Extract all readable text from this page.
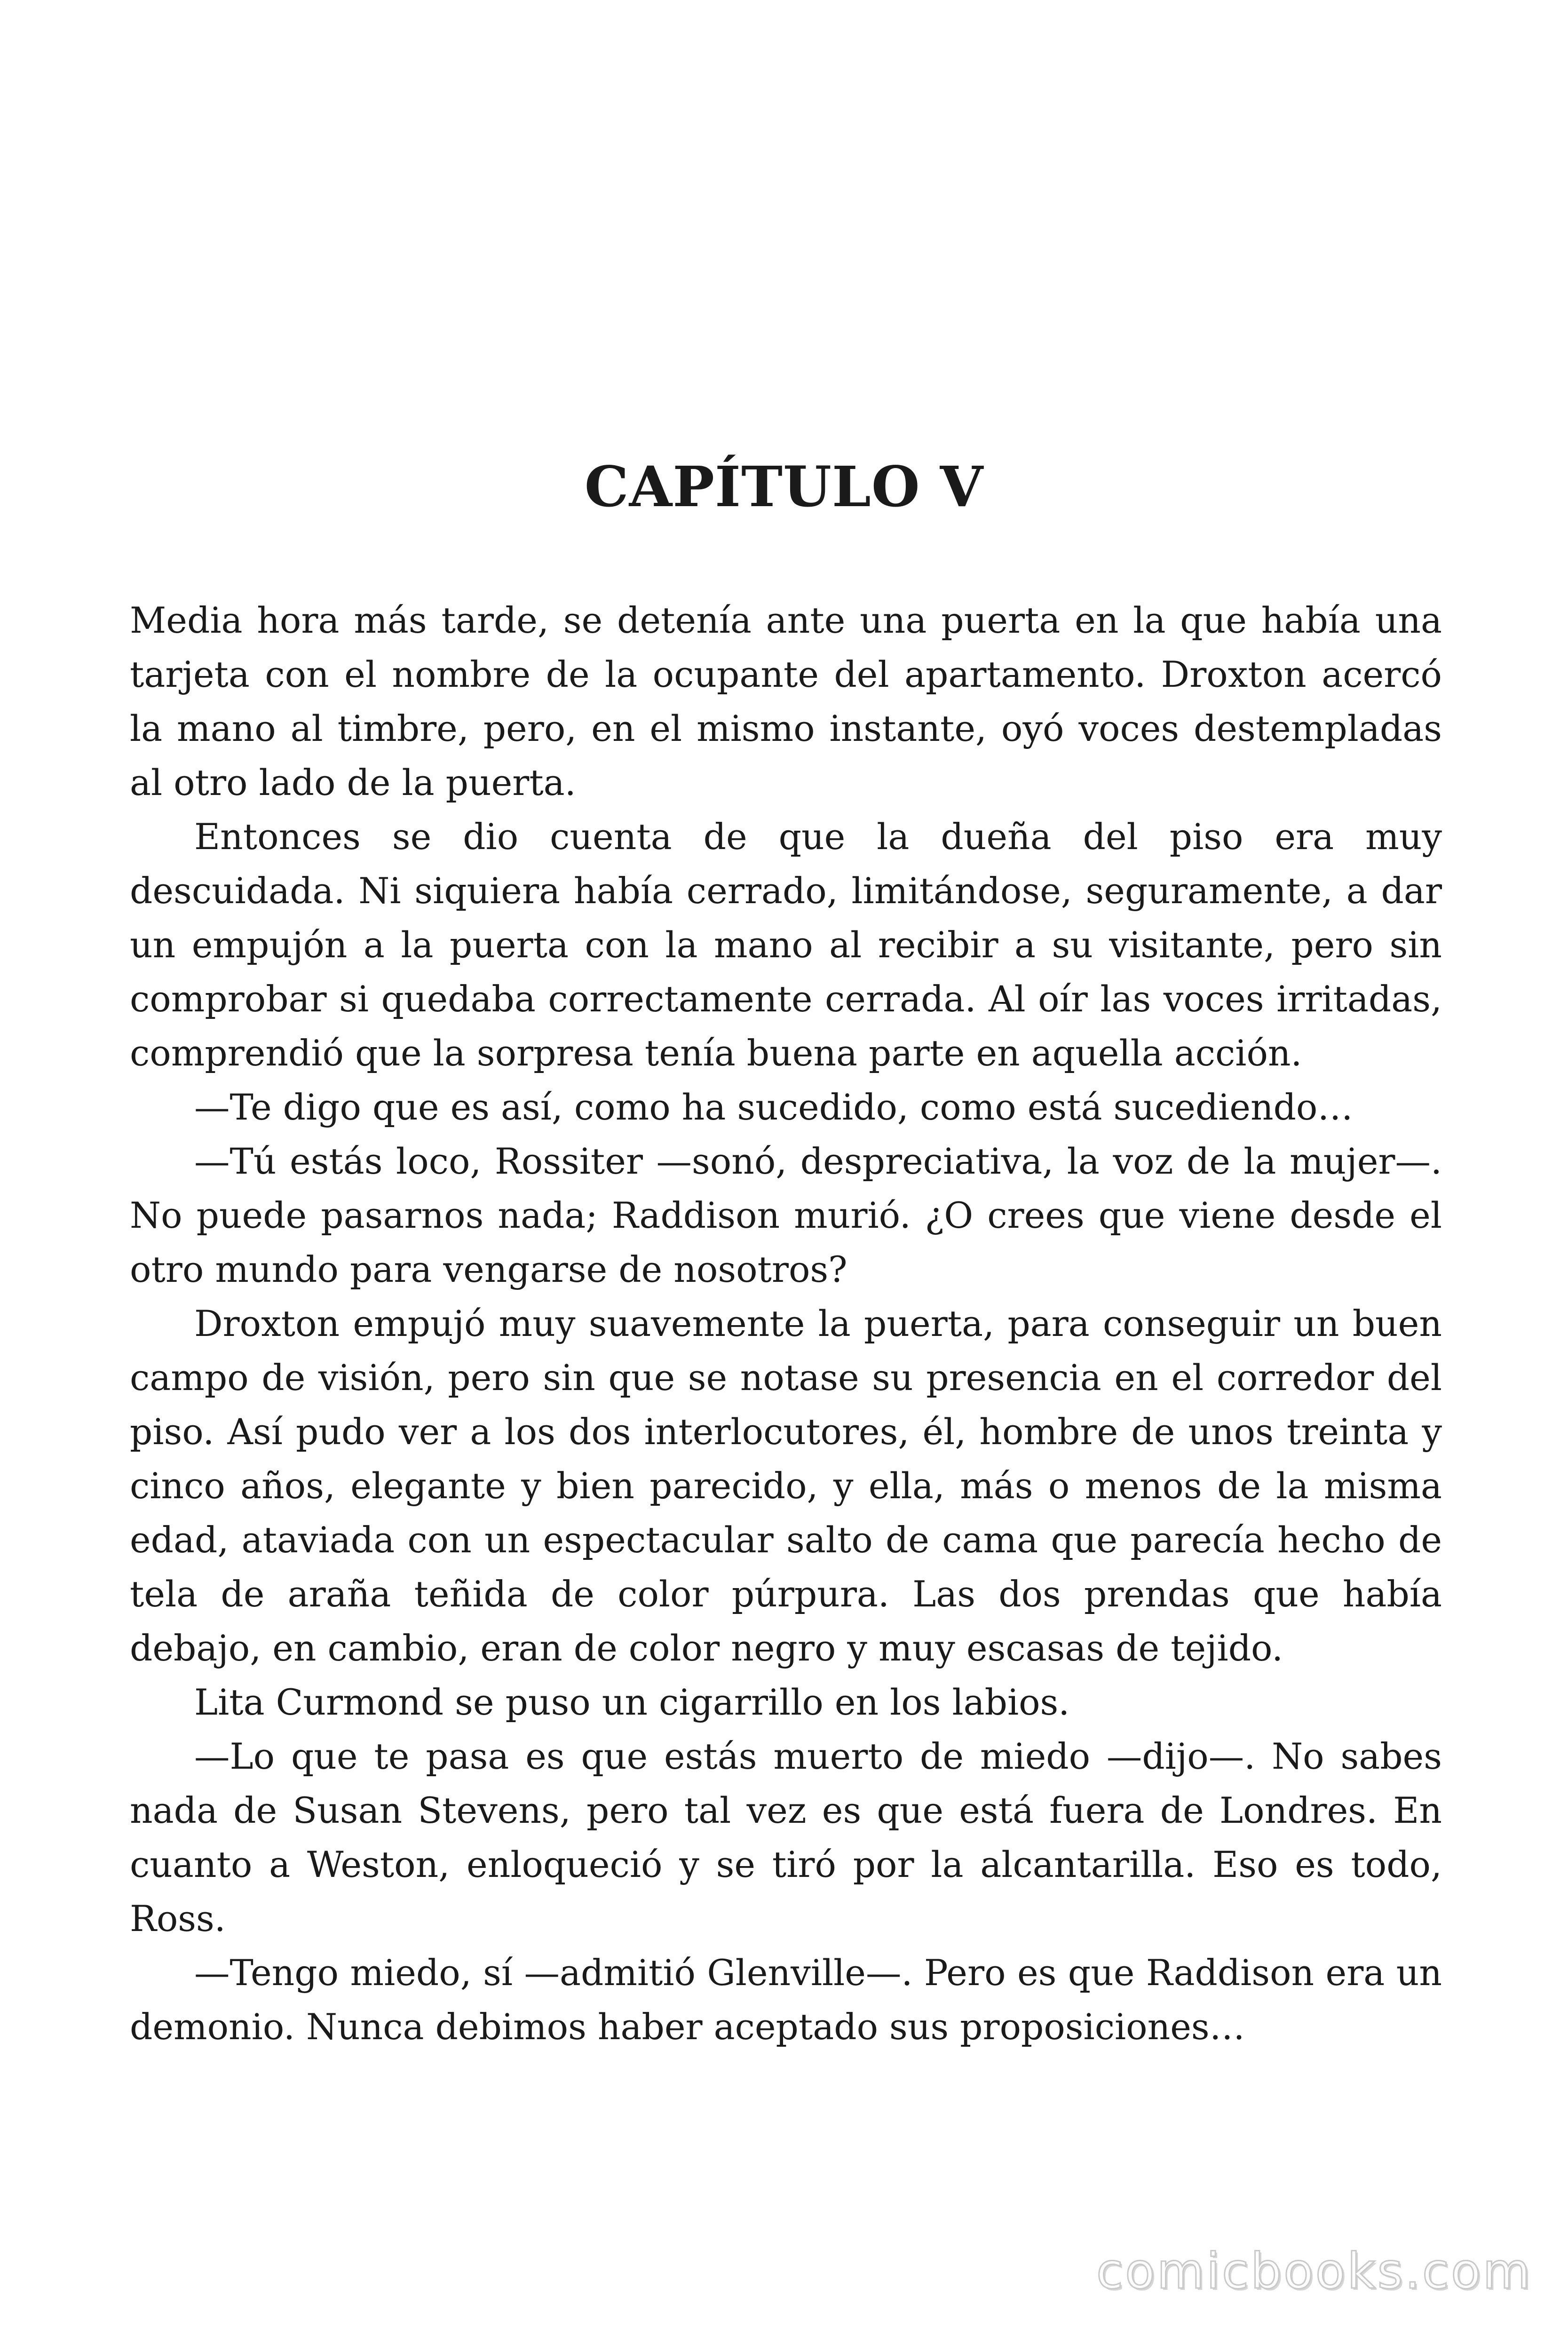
CAPÍTULO V

Media hora más tarde, se detenía ante una puerta en la que había una tarjeta con el nombre de la ocupante del apartamento. Droxton acercó la mano al timbre, pero, en el mismo instante, oyó voces destempladas al otro lado de la puerta.

Entonces se dio cuenta de que la dueña del piso era muy descuidada. Ni siquiera había cerrado, limitándose, seguramente, a dar un empujón a la puerta con la mano al recibir a su visitante, pero sin comprobar si quedaba correctamente cerrada. Al oír las voces irritadas, comprendió que la sorpresa tenía buena parte en aquella acción.

—Te digo que es así, como ha sucedido, como está sucediendo…

—Tú estás loco, Rossiter —sonó, despreciativa, la voz de la mujer—. No puede pasarnos nada; Raddison murió. ¿O crees que viene desde el otro mundo para vengarse de nosotros?

Droxton empujó muy suavemente la puerta, para conseguir un buen campo de visión, pero sin que se notase su presencia en el corredor del piso. Así pudo ver a los dos interlocutores, él, hombre de unos treinta y cinco años, elegante y bien parecido, y ella, más o menos de la misma edad, ataviada con un espectacular salto de cama que parecía hecho de tela de araña teñida de color púrpura. Las dos prendas que había debajo, en cambio, eran de color negro y muy escasas de tejido.

Lita Curmond se puso un cigarrillo en los labios.

—Lo que te pasa es que estás muerto de miedo —dijo—. No sabes nada de Susan Stevens, pero tal vez es que está fuera de Londres. En cuanto a Weston, enloqueció y se tiró por la alcantarilla. Eso es todo, Ross.

—Tengo miedo, sí —admitió Glenville—. Pero es que Raddison era un demonio. Nunca debimos haber aceptado sus proposiciones…

comicbooks.com
